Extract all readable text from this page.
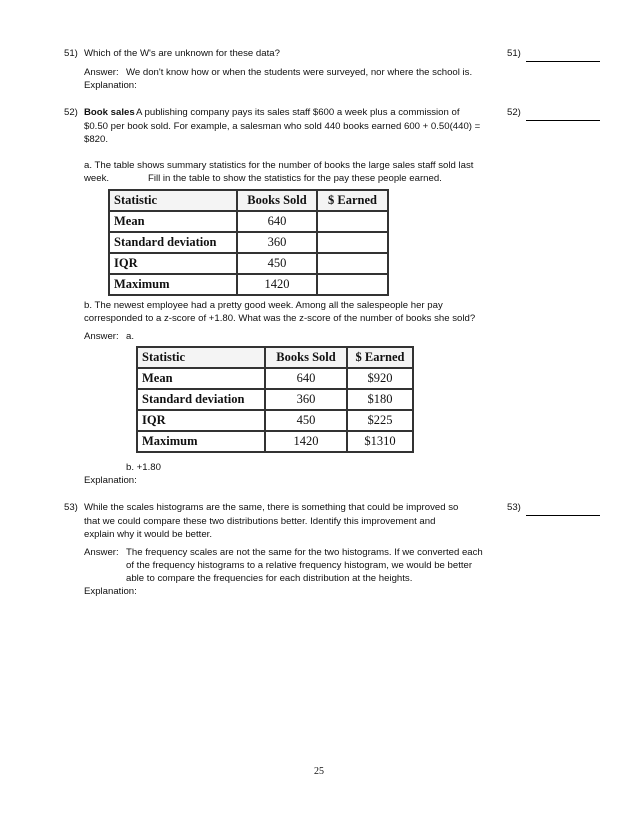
51) Which of the W's are unknown for these data?	51)
Answer: We don't know how or when the students were surveyed, nor where the school is.
Explanation:
52) Book sales A publishing company pays its sales staff $600 a week plus a commission of	52)
$0.50 per book sold. For example, a salesman who sold 440 books earned 600 + 0.50(440) =
$820.
a. The table shows summary statistics for the number of books the large sales staff sold last
week.	Fill in the table to show the statistics for the pay these people earned.
Statistic	Books Sold	$ Earned
Mean	640	
Standard deviation	360	
IQR	450	
Maximum	1420	
b. The newest employee had a pretty good week. Among all the salespeople her pay
corresponded to a z-score of +1.80. What was the z-score of the number of books she sold?
Answer: a.
Statistic	Books Sold	$ Earned
Mean	640	$920
Standard deviation	360	$180
IQR	450	$225
Maximum	1420	$1310
b. +1.80
Explanation:
53) While the scales histograms are the same, there is something that could be improved so	53)
that we could compare these two distributions better. Identify this improvement and
explain why it would be better.
Answer: The frequency scales are not the same for the two histograms. If we converted each
of the frequency histograms to a relative frequency histogram, we would be better
able to compare the frequencies for each distribution at the heights.
Explanation:
25
